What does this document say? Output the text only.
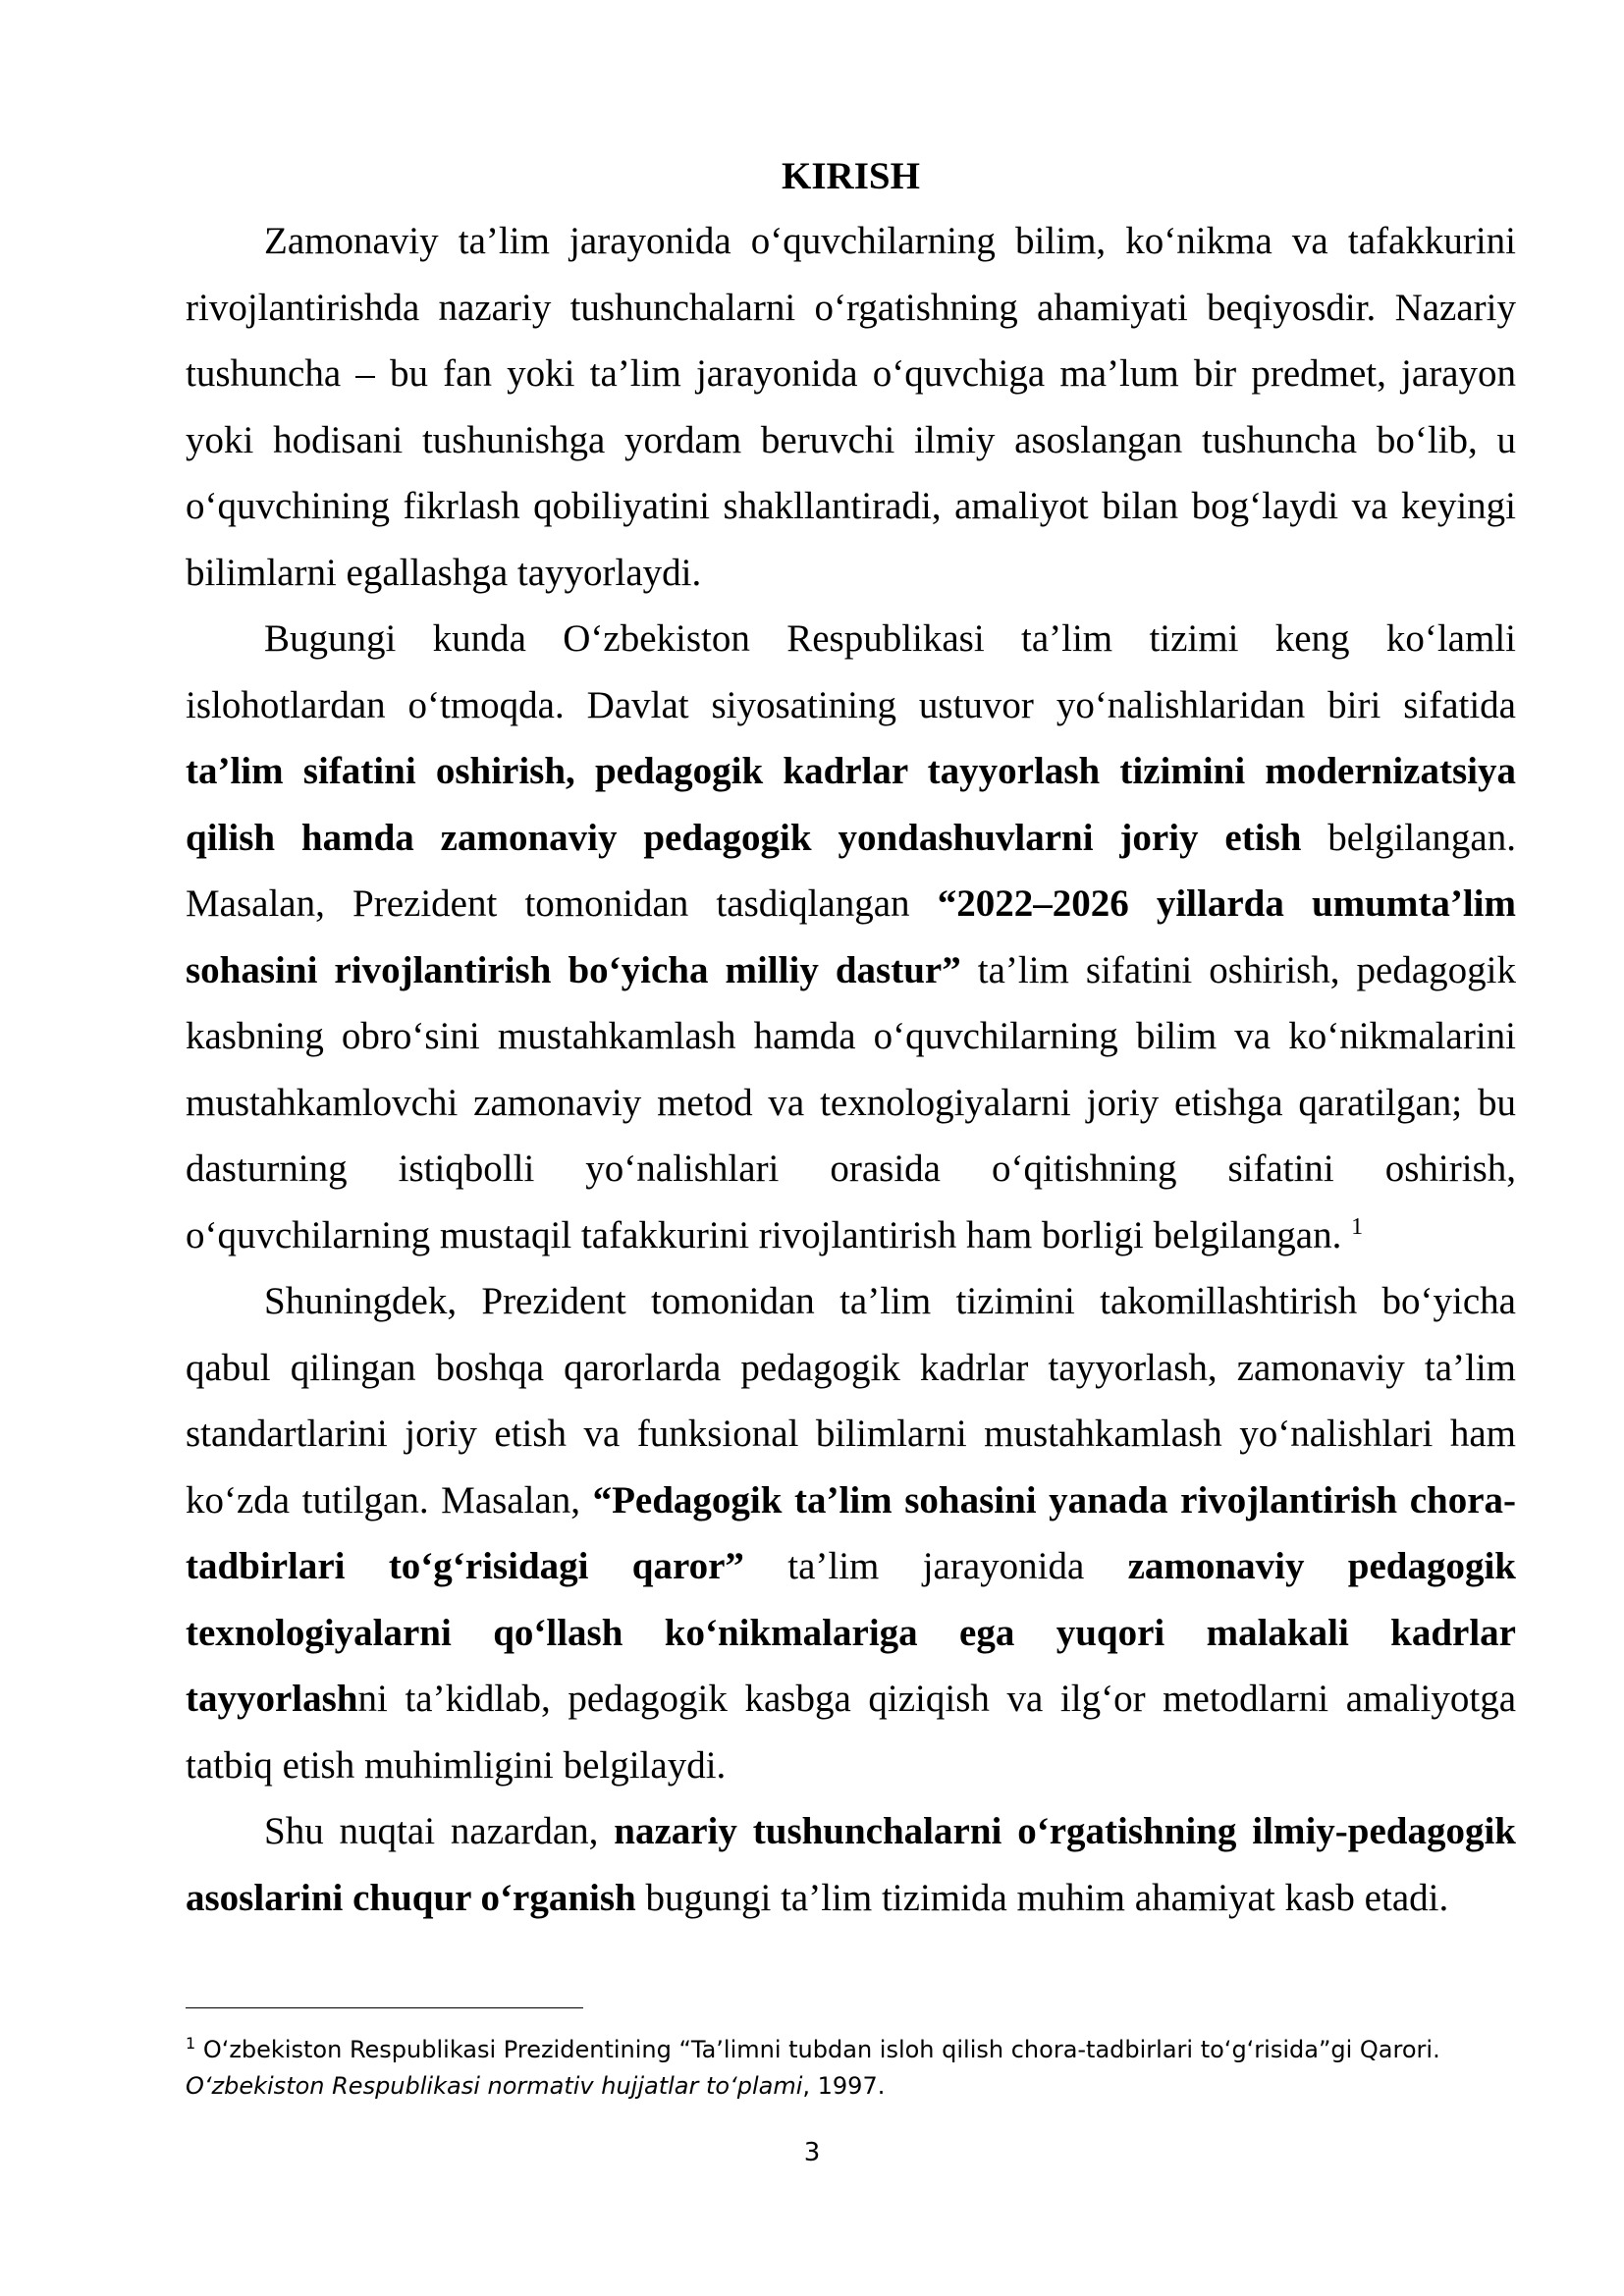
KIRISH

Zamonaviy ta’lim jarayonida o‘quvchilarning bilim, ko‘nikma va tafakkurini rivojlantirishda nazariy tushunchalarni o‘rgatishning ahamiyati beqiyosdir. Nazariy tushuncha – bu fan yoki ta’lim jarayonida o‘quvchiga ma’lum bir predmet, jarayon yoki hodisani tushunishga yordam beruvchi ilmiy asoslangan tushuncha bo‘lib, u o‘quvchining fikrlash qobiliyatini shakllantiradi, amaliyot bilan bog‘laydi va keyingi bilimlarni egallashga tayyorlaydi.

Bugungi kunda O‘zbekiston Respublikasi ta’lim tizimi keng ko‘lamli islohotlardan o‘tmoqda. Davlat siyosatining ustuvor yo‘nalishlaridan biri sifatida ta’lim sifatini oshirish, pedagogik kadrlar tayyorlash tizimini modernizatsiya qilish hamda zamonaviy pedagogik yondashuvlarni joriy etish belgilangan. Masalan, Prezident tomonidan tasdiqlangan “2022–2026 yillarda umumta’lim sohasini rivojlantirish bo‘yicha milliy dastur” ta’lim sifatini oshirish, pedagogik kasbning obro‘sini mustahkamlash hamda o‘quvchilarning bilim va ko‘nikmalarini mustahkamlovchi zamonaviy metod va texnologiyalarni joriy etishga qaratilgan; bu dasturning istiqbolli yo‘nalishlari orasida o‘qitishning sifatini oshirish, o‘quvchilarning mustaqil tafakkurini rivojlantirish ham borligi belgilangan. $^1$

Shuningdek, Prezident tomonidan ta’lim tizimini takomillashtirish bo‘yicha qabul qilingan boshqa qarorlarda pedagogik kadrlar tayyorlash, zamonaviy ta’lim standartlarini joriy etish va funksional bilimlarni mustahkamlash yo‘nalishlari ham ko‘zda tutilgan. Masalan, “Pedagogik ta’lim sohasini yanada rivojlantirish chora-tadbirlari to‘g‘risidagi qaror” ta’lim jarayonida zamonaviy pedagogik texnologiyalarni qo‘llash ko‘nikmalariga ega yuqori malakali kadrlar tayyorlashni ta’kidlab, pedagogik kasbga qiziqish va ilg‘or metodlarni amaliyotga tatbiq etish muhimligini belgilaydi.

Shu nuqtai nazardan, nazariy tushunchalarni o‘rgatishning ilmiy-pedagogik asoslarini chuqur o‘rganish bugungi ta’lim tizimida muhim ahamiyat kasb etadi.

$^1$ O‘zbekiston Respublikasi Prezidentining “Ta’limni tubdan isloh qilish chora-tadbirlari to‘g‘risida”gi Qarori. O‘zbekiston Respublikasi normativ hujjatlar to‘plami, 1997.
3
